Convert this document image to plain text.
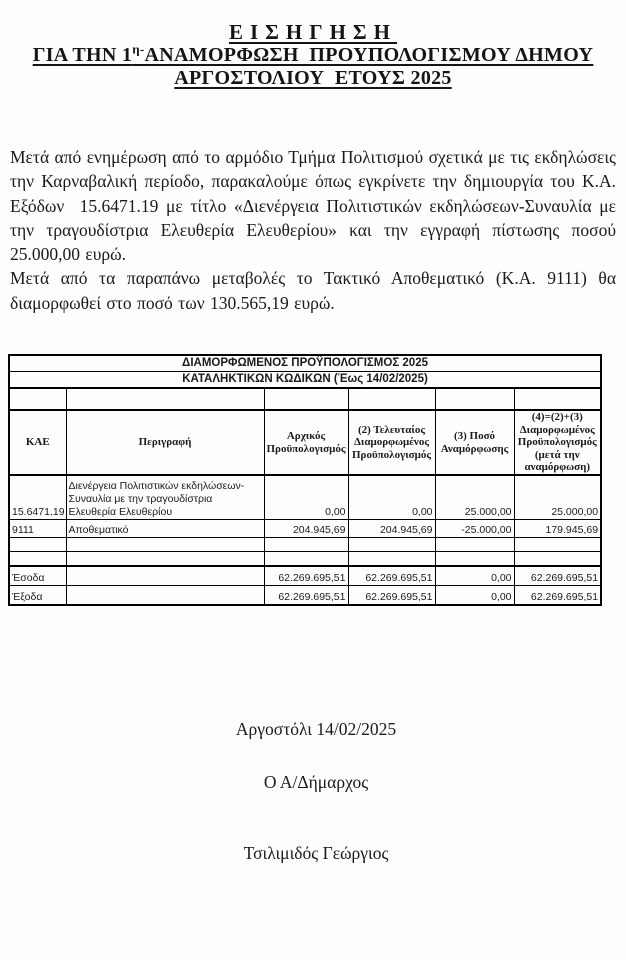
ΕΙΣΗΓΗΣΗ
ΓΙΑ ΤΗΝ $1^{\eta-}ANAMOP\Phi\Omega\Sigma H$  ΠΡΟΥΠΟΛΟΓΙΣΜΟΥ ΔΗΜΟΥ
ΑΡΓΟΣΤΟΛΙΟΥ  ΕΤΟΥΣ 2025

Μετά από ενημέρωση από το αρμόδιο Τμήμα Πολιτισμού σχετικά με τις εκδηλώσεις την Καρναβαλική περίοδο, παρακαλούμε όπως εγκρίνετε την δημιουργία του Κ.Α. Εξόδων  15.6471.19 με τίτλο «Διενέργεια Πολιτιστικών εκδηλώσεων-Συναυλία με την τραγουδίστρια Ελευθερία Ελευθερίου» και την εγγραφή πίστωσης ποσού 25.000,00 ευρώ.

Μετά από τα παραπάνω μεταβολές το Τακτικό Αποθεματικό (Κ.Α. 9111) θα διαμορφωθεί στο ποσό των 130.565,19 ευρώ.

ΔΙΑΜΟΡΦΩΜΕΝΟΣ ΠΡΟΫΠΟΛΟΓΙΣΜΟΣ 2025					
ΚΑΤΑΛΗΚΤΙΚΩΝ ΚΩΔΙΚΩΝ (Έως 14/02/2025)					

ΚΑΕ	Περιγραφή	Αρχικός Προϋπολογισμός	(2) Τελευταίος Διαμορφωμένος Προϋπολογισμός	(3) Ποσό Αναμόρφωσης	(4)=(2)+(3) Διαμορφωμένος Προϋπολογισμός (μετά την αναμόρφωση)
15.6471.19	Διενέργεια Πολιτιστικών εκδηλώσεων-Συναυλία με την τραγουδίστρια Ελευθερία Ελευθερίου	0,00	0,00	25.000,00	25.000,00
9111	Αποθεματικό	204.945,69	204.945,69	-25.000,00	179.945,69

Έσοδα		62.269.695,51	62.269.695,51	0,00	62.269.695,51
Έξοδα		62.269.695,51	62.269.695,51	0,00	62.269.695,51
Αργοστόλι 14/02/2025
Ο Α/Δήμαρχος
Τσιλιμιδός Γεώργιος
